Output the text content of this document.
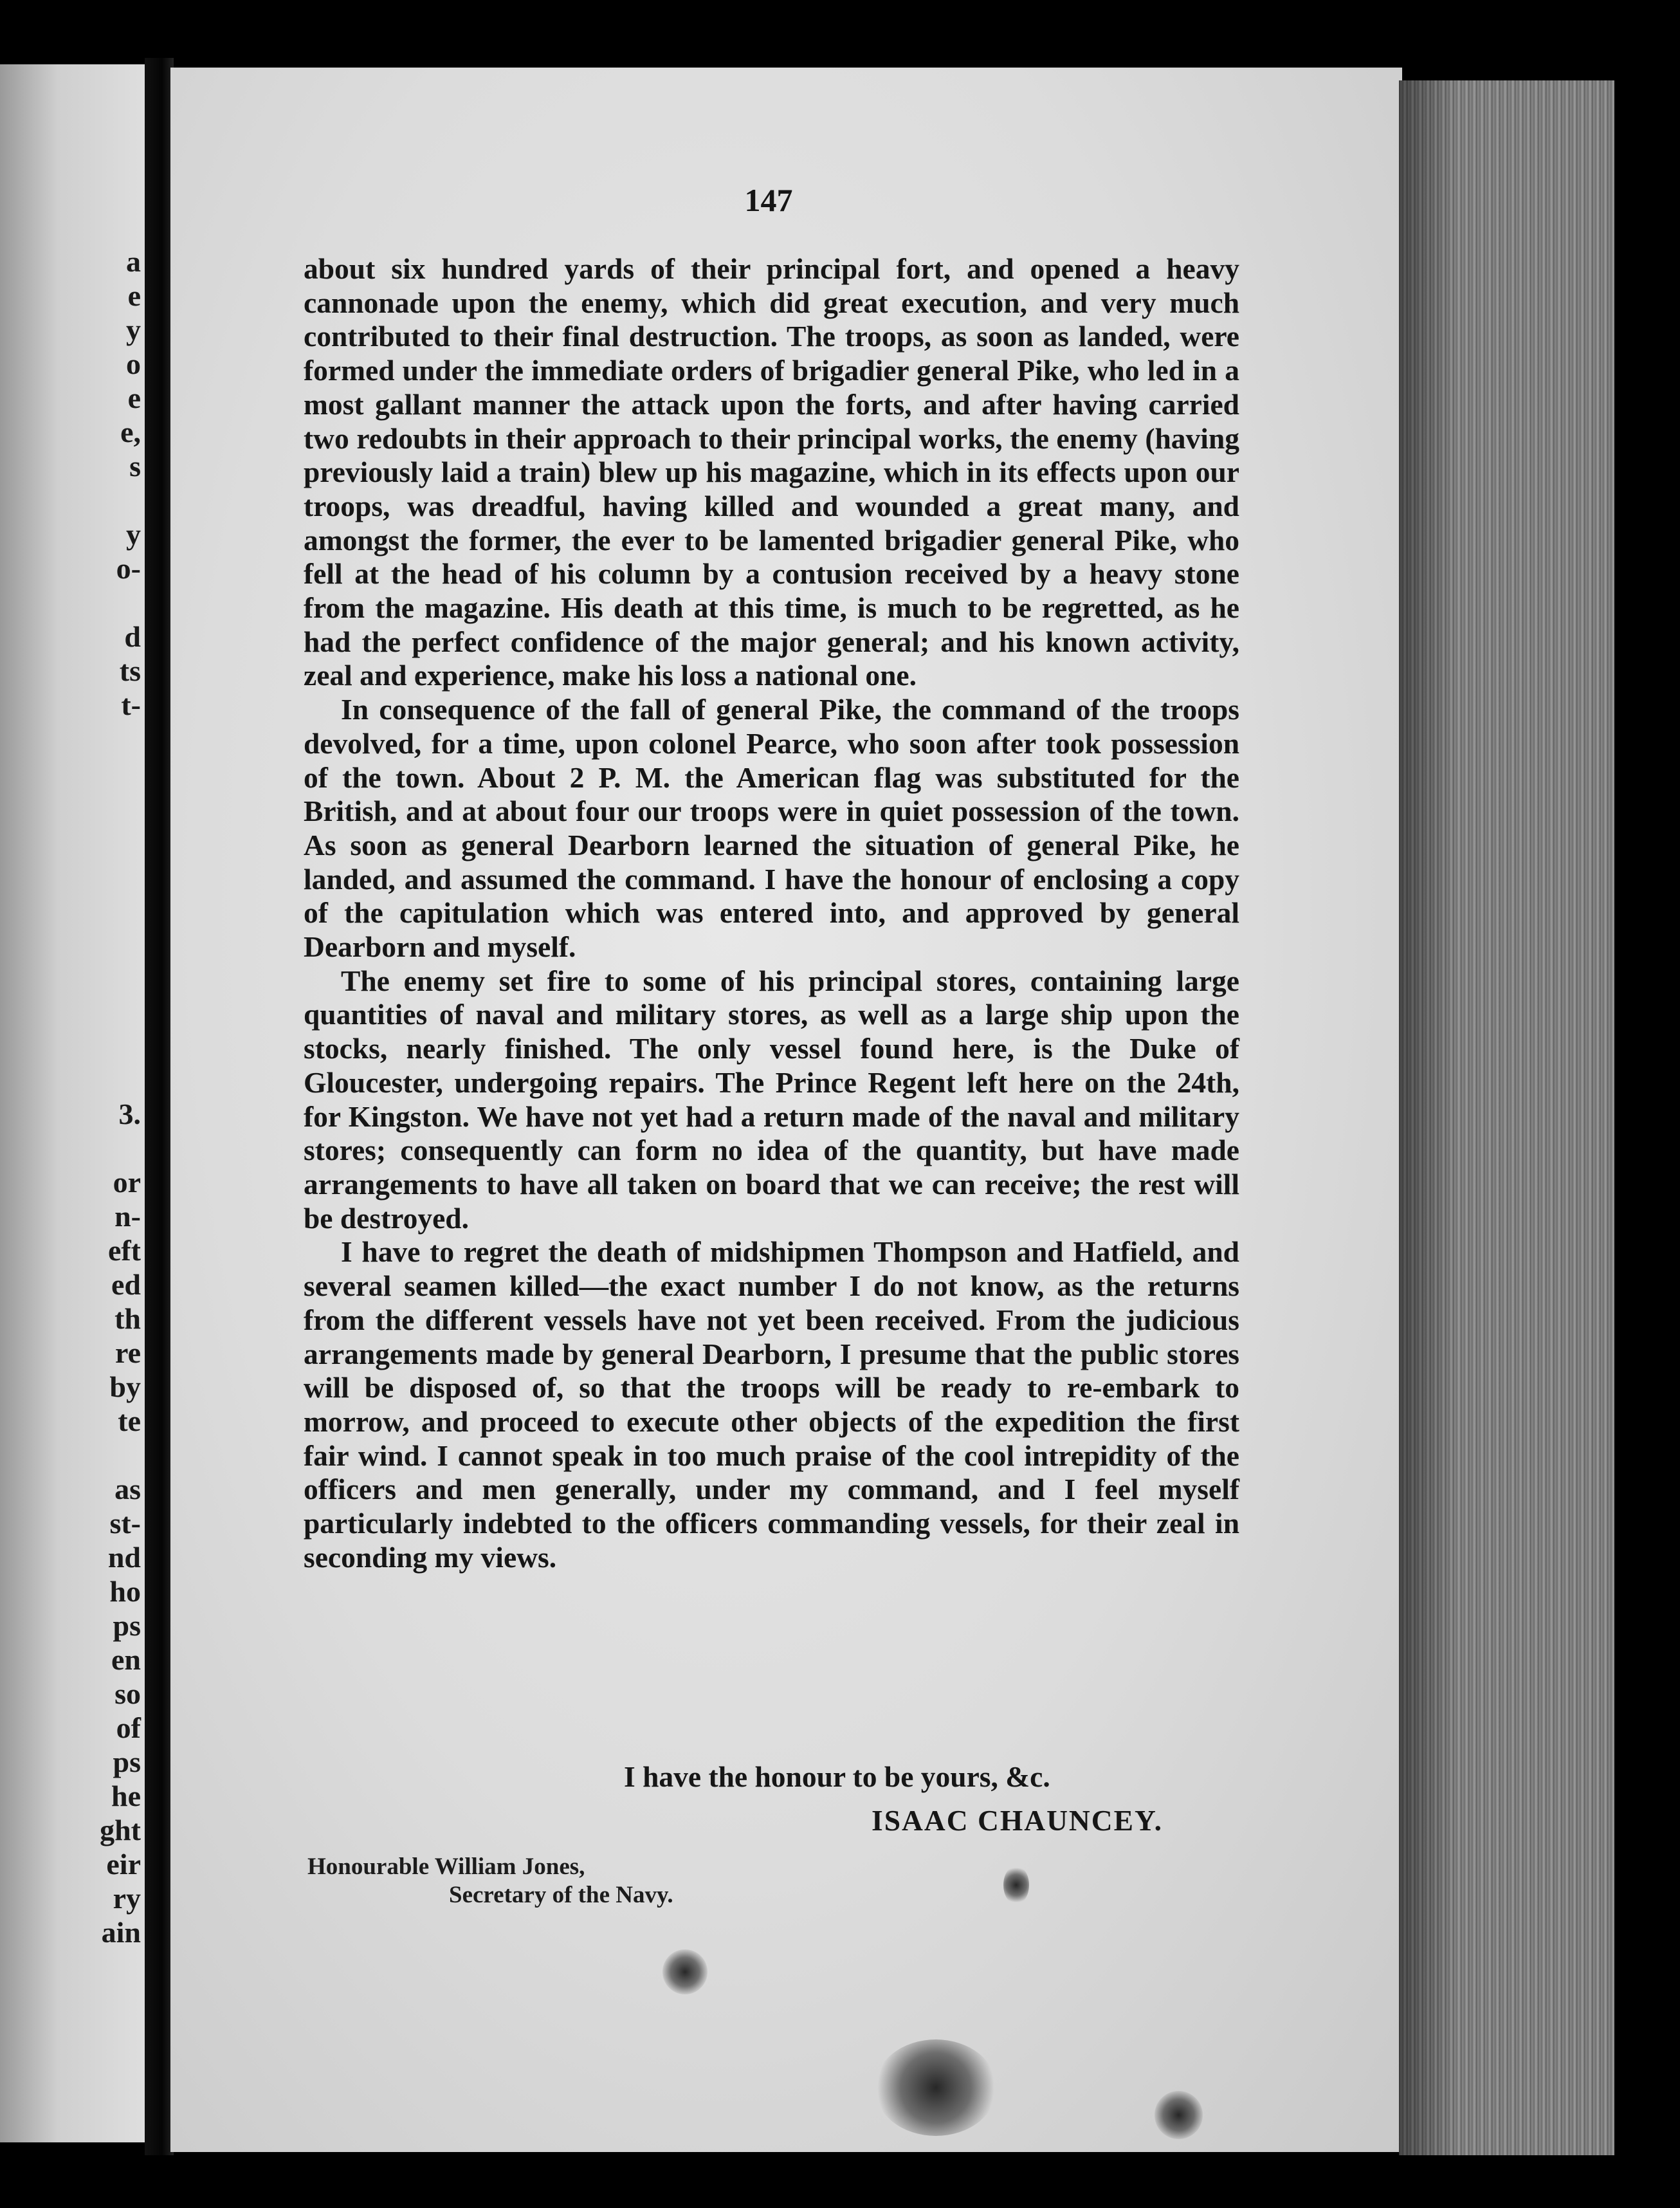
a
e
y
o
e
e,
s
y
o-
d
ts
t-
3.
or
n-
eft
ed
th
re
by
te
as
st-
nd
ho
ps
en
so
of
ps
he
ght
eir
ry
ain
147

about six hundred yards of their principal fort, and opened a heavy cannonade upon the enemy, which did great execution, and very much contributed to their final destruction. The troops, as soon as landed, were formed under the immediate orders of brigadier general Pike, who led in a most gallant manner the attack upon the forts, and after having carried two redoubts in their approach to their principal works, the enemy (having previously laid a train) blew up his magazine, which in its effects upon our troops, was dreadful, having killed and wounded a great many, and amongst the former, the ever to be lamented brigadier general Pike, who fell at the head of his column by a contusion received by a heavy stone from the magazine. His death at this time, is much to be regretted, as he had the perfect confidence of the major general; and his known activity, zeal and experience, make his loss a national one.

In consequence of the fall of general Pike, the command of the troops devolved, for a time, upon colonel Pearce, who soon after took possession of the town. About 2 P. M. the American flag was substituted for the British, and at about four our troops were in quiet possession of the town. As soon as general Dearborn learned the situation of general Pike, he landed, and assumed the command. I have the honour of enclosing a copy of the capitulation which was entered into, and approved by general Dearborn and myself.

The enemy set fire to some of his principal stores, containing large quantities of naval and military stores, as well as a large ship upon the stocks, nearly finished. The only vessel found here, is the Duke of Gloucester, undergoing repairs. The Prince Regent left here on the 24th, for Kingston. We have not yet had a return made of the naval and military stores; consequently can form no idea of the quantity, but have made arrangements to have all taken on board that we can receive; the rest will be destroyed.

I have to regret the death of midshipmen Thompson and Hatfield, and several seamen killed—the exact number I do not know, as the returns from the different vessels have not yet been received. From the judicious arrangements made by general Dearborn, I presume that the public stores will be disposed of, so that the troops will be ready to re-embark to morrow, and proceed to execute other objects of the expedition the first fair wind. I cannot speak in too much praise of the cool intrepidity of the officers and men generally, under my command, and I feel myself particularly indebted to the officers commanding vessels, for their zeal in seconding my views.

I have the honour to be yours, &c.
ISAAC CHAUNCEY.
Honourable William Jones,
Secretary of the Navy.
